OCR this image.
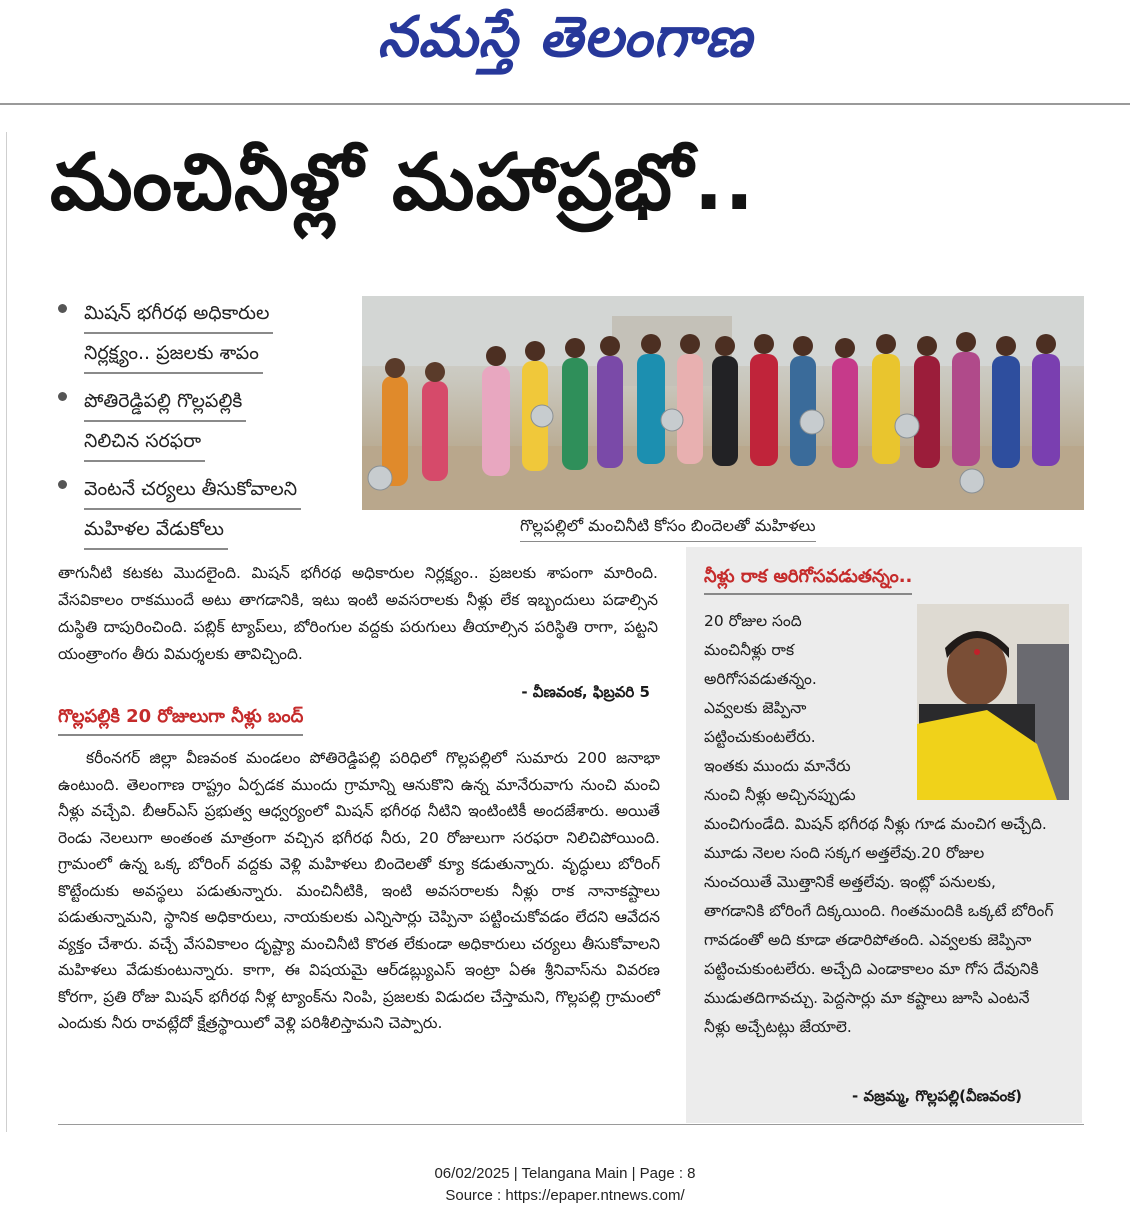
నమస్తే తెలంగాణ
మంచినీళ్లో మహాప్రభో..
మిషన్ భగీరథ అధికారుల
నిర్లక్ష్యం.. ప్రజలకు శాపం
పోతిరెడ్డిపల్లి గొల్లపల్లికి
నిలిచిన సరఫరా
వెంటనే చర్యలు తీసుకోవాలని
మహిళల వేడుకోలు	గొల్లపల్లిలో మంచినీటి కోసం బిందెలతో మహిళలు
తాగునీటి కటకట మొదలైంది. మిషన్ భగీరథ అధికారుల నిర్లక్ష్యం.. ప్రజలకు శాపంగా మారింది. వేసవికాలం రాకముందే అటు తాగడానికి, ఇటు ఇంటి అవసరాలకు నీళ్లు లేక ఇబ్బందులు పడాల్సిన దుస్థితి దాపురించింది. పబ్లిక్ ట్యాప్‌లు, బోరింగుల వద్దకు పరుగులు తీయాల్సిన పరిస్థితి రాగా, పట్టని యంత్రాంగం తీరు విమర్శలకు తావిచ్చింది.
- వీణవంక, ఫిబ్రవరి 5
గొల్లపల్లికి 20 రోజులుగా నీళ్లు బంద్

కరీంనగర్ జిల్లా వీణవంక మండలం పోతిరెడ్డిపల్లి పరిధిలో గొల్లపల్లిలో సుమారు 200 జనాభా ఉంటుంది. తెలంగాణ రాష్ట్రం ఏర్పడక ముందు గ్రామాన్ని ఆనుకొని ఉన్న మానేరువాగు నుంచి మంచి నీళ్లు వచ్చేవి. బీఆర్‌ఎస్ ప్రభుత్వ ఆధ్వర్యంలో మిషన్ భగీరథ నీటిని ఇంటింటికీ అందజేశారు. అయితే రెండు నెలలుగా అంతంత మాత్రంగా వచ్చిన భగీరథ నీరు, 20 రోజులుగా సరఫరా నిలిచిపోయింది. గ్రామంలో ఉన్న ఒక్క బోరింగ్ వద్దకు వెళ్లి మహిళలు బిందెలతో క్యూ కడుతున్నారు. వృద్ధులు బోరింగ్ కొట్టేందుకు అవస్థలు పడుతున్నారు. మంచినీటికి, ఇంటి అవసరాలకు నీళ్లు రాక నానాకష్టాలు పడుతున్నామని, స్థానిక అధికారులు, నాయకులకు ఎన్నిసార్లు చెప్పినా పట్టించుకోవడం లేదని ఆవేదన వ్యక్తం చేశారు. వచ్చే వేసవికాలం దృష్ట్యా మంచినీటి కొరత లేకుండా అధికారులు చర్యలు తీసుకోవాలని మహిళలు వేడుకుంటున్నారు. కాగా, ఈ విషయమై ఆర్‌డబ్ల్యుఎస్ ఇంట్రా ఏఈ శ్రీనివాస్‌ను వివరణ కోరగా, ప్రతి రోజు మిషన్ భగీరథ నీళ్ల ట్యాంక్‌ను నింపి, ప్రజలకు విడుదల చేస్తామని, గొల్లపల్లి గ్రామంలో ఎందుకు నీరు రావట్లేదో క్షేత్రస్థాయిలో వెళ్లి పరిశీలిస్తామని చెప్పారు.

నీళ్లు రాక అరిగోసవడుతన్నం..
20 రోజుల సంది
మంచినీళ్లు రాక
అరిగోసవడుతన్నం.
ఎవ్వలకు జెప్పినా
పట్టించుకుంటలేరు.
ఇంతకు ముందు మానేరు
నుంచి నీళ్లు అచ్చినప్పుడు
మంచిగుండేది. మిషన్ భగీరథ నీళ్లు గూడ మంచిగ అచ్చేది. మూడు నెలల సంది సక్కగ అత్తలేవు.20 రోజుల నుంచయితే మొత్తానికే అత్తలేవు. ఇంట్లో పనులకు, తాగడానికి బోరింగే దిక్కయింది. గింతమందికి ఒక్కటే బోరింగ్ గావడంతో అది కూడా తడారిపోతంది. ఎవ్వలకు జెప్పినా పట్టించుకుంటలేరు. అచ్చేది ఎండాకాలం మా గోస దేవునికి ముడుతదిగావచ్చు. పెద్దసార్లు మా కష్టాలు జూసి ఎంటనే నీళ్లు అచ్చేటట్లు జేయాలె.
- వజ్రమ్మ, గొల్లపల్లి(వీణవంక)
06/02/2025 | Telangana Main | Page : 8
Source : https://epaper.ntnews.com/
